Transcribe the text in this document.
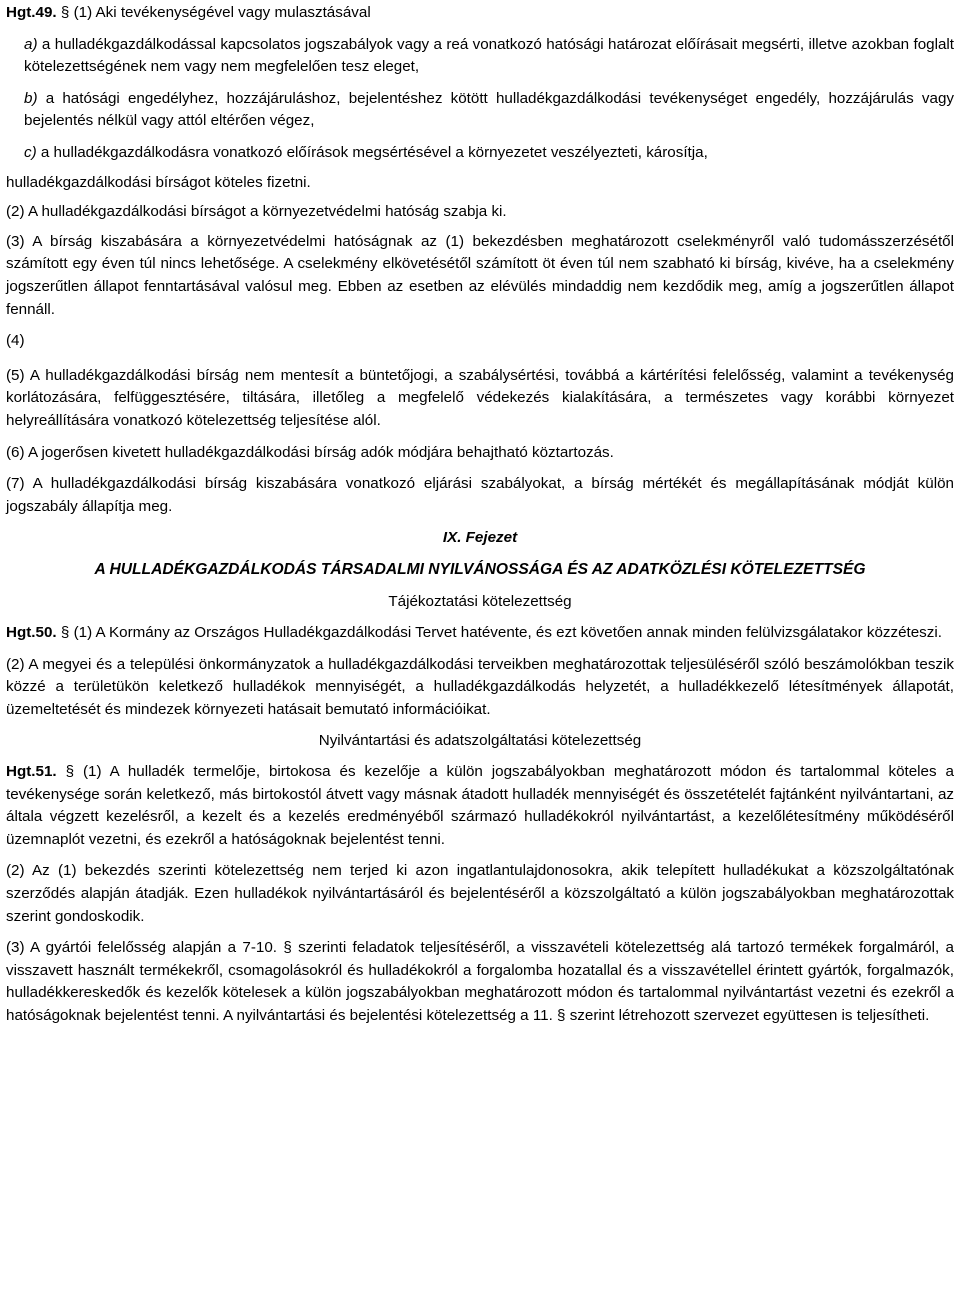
Hgt.49. § (1) Aki tevékenységével vagy mulasztásával

a) a hulladékgazdálkodással kapcsolatos jogszabályok vagy a reá vonatkozó hatósági határozat előírásait megsérti, illetve azokban foglalt kötelezettségének nem vagy nem megfelelően tesz eleget,

b) a hatósági engedélyhez, hozzájáruláshoz, bejelentéshez kötött hulladékgazdálkodási tevékenységet engedély, hozzájárulás vagy bejelentés nélkül vagy attól eltérően végez,

c) a hulladékgazdálkodásra vonatkozó előírások megsértésével a környezetet veszélyezteti, károsítja,

hulladékgazdálkodási bírságot köteles fizetni.

(2) A hulladékgazdálkodási bírságot a környezetvédelmi hatóság szabja ki.

(3) A bírság kiszabására a környezetvédelmi hatóságnak az (1) bekezdésben meghatározott cselekményről való tudomásszerzésétől számított egy éven túl nincs lehetősége. A cselekmény elkövetésétől számított öt éven túl nem szabható ki bírság, kivéve, ha a cselekmény jogszerűtlen állapot fenntartásával valósul meg. Ebben az esetben az elévülés mindaddig nem kezdődik meg, amíg a jogszerűtlen állapot fennáll.

(4)

(5) A hulladékgazdálkodási bírság nem mentesít a büntetőjogi, a szabálysértési, továbbá a kártérítési felelősség, valamint a tevékenység korlátozására, felfüggesztésére, tiltására, illetőleg a megfelelő védekezés kialakítására, a természetes vagy korábbi környezet helyreállítására vonatkozó kötelezettség teljesítése alól.

(6) A jogerősen kivetett hulladékgazdálkodási bírság adók módjára behajtható köztartozás.

(7) A hulladékgazdálkodási bírság kiszabására vonatkozó eljárási szabályokat, a bírság mértékét és megállapításának módját külön jogszabály állapítja meg.

IX. Fejezet

A HULLADÉKGAZDÁLKODÁS TÁRSADALMI NYILVÁNOSSÁGA ÉS AZ ADATKÖZLÉSI KÖTELEZETTSÉG

Tájékoztatási kötelezettség

Hgt.50. § (1) A Kormány az Országos Hulladékgazdálkodási Tervet hatévente, és ezt követően annak minden felülvizsgálatakor közzéteszi.

(2) A megyei és a települési önkormányzatok a hulladékgazdálkodási terveikben meghatározottak teljesüléséről szóló beszámolókban teszik közzé a területükön keletkező hulladékok mennyiségét, a hulladékgazdálkodás helyzetét, a hulladékkezelő létesítmények állapotát, üzemeltetését és mindezek környezeti hatásait bemutató információikat.

Nyilvántartási és adatszolgáltatási kötelezettség

Hgt.51. § (1) A hulladék termelője, birtokosa és kezelője a külön jogszabályokban meghatározott módon és tartalommal köteles a tevékenysége során keletkező, más birtokostól átvett vagy másnak átadott hulladék mennyiségét és összetételét fajtánként nyilvántartani, az általa végzett kezelésről, a kezelt és a kezelés eredményéből származó hulladékokról nyilvántartást, a kezelőlétesítmény működéséről üzemnaplót vezetni, és ezekről a hatóságoknak bejelentést tenni.

(2) Az (1) bekezdés szerinti kötelezettség nem terjed ki azon ingatlantulajdonosokra, akik telepített hulladékukat a közszolgáltatónak szerződés alapján átadják. Ezen hulladékok nyilvántartásáról és bejelentéséről a közszolgáltató a külön jogszabályokban meghatározottak szerint gondoskodik.

(3) A gyártói felelősség alapján a 7-10. § szerinti feladatok teljesítéséről, a visszavételi kötelezettség alá tartozó termékek forgalmáról, a visszavett használt termékekről, csomagolásokról és hulladékokról a forgalomba hozatallal és a visszavétellel érintett gyártók, forgalmazók, hulladékkereskedők és kezelők kötelesek a külön jogszabályokban meghatározott módon és tartalommal nyilvántartást vezetni és ezekről a hatóságoknak bejelentést tenni. A nyilvántartási és bejelentési kötelezettség a 11. § szerint létrehozott szervezet együttesen is teljesítheti.
